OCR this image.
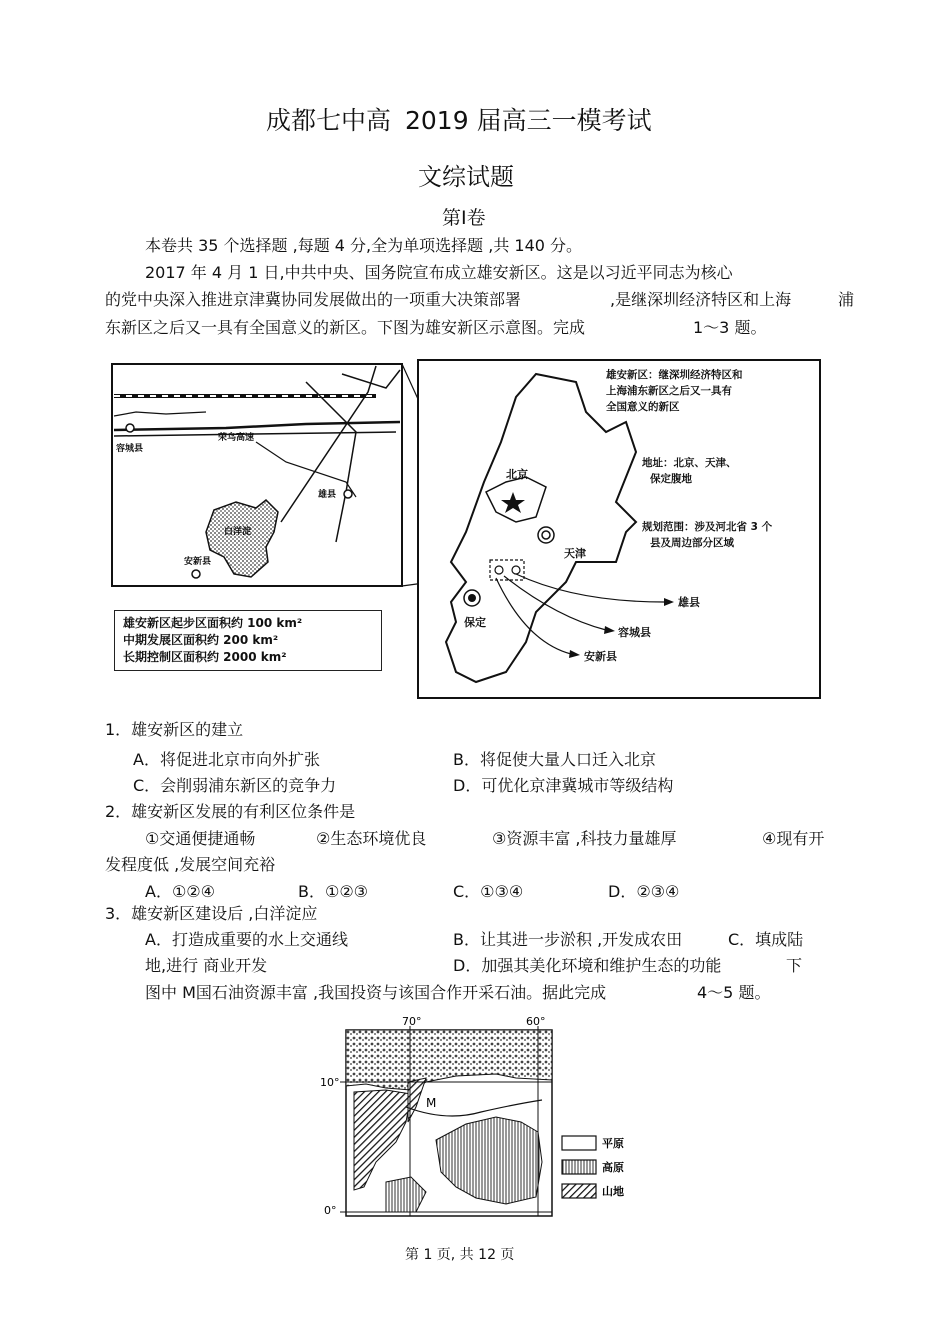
成都七中高 2019 届高三一模考试
文综试题
第Ⅰ卷
本卷共 35 个选择题 ,每题 4 分,全为单项选择题 ,共 140 分。
2017 年 4 月 1 日,中共中央、国务院宣布成立雄安新区。这是以习近平同志为核心
的党中央深入推进京津冀协同发展做出的一项重大决策部署	,是继深圳经济特区和上海	浦
东新区之后又一具有全国意义的新区。下图为雄安新区示意图。完成	1～3 题。
荣乌高速
容城县
雄县
白洋淀
安新县
雄安新区：继深圳经济特区和
上海浦东新区之后又一具有
全国意义的新区
地址：北京、天津、
保定腹地
规划范围：涉及河北省 3 个
县及周边部分区域
北京
天津
保定
雄县
容城县
安新县
雄安新区起步区面积约 100 km²
中期发展区面积约 200 km²
长期控制区面积约 2000 km²
1．雄安新区的建立
A．将促进北京市向外扩张	B．将促使大量人口迁入北京
C．会削弱浦东新区的竞争力	D．可优化京津冀城市等级结构
2．雄安新区发展的有利区位条件是
①交通便捷通畅	②生态环境优良	③资源丰富 ,科技力量雄厚	④现有开
发程度低 ,发展空间充裕
A．①②④	B．①②③	C．①③④	D．②③④
3．雄安新区建设后 ,白洋淀应
A．打造成重要的水上交通线	B．让其进一步淤积 ,开发成农田	C．填成陆
地,进行 商业开发	D．加强其美化环境和维护生态的功能	下
图中 M国石油资源丰富 ,我国投资与该国合作开采石油。据此完成	4～5 题。
70°	60°
10°
0°
M
平原
高原
山地
第 1 页, 共 12 页
